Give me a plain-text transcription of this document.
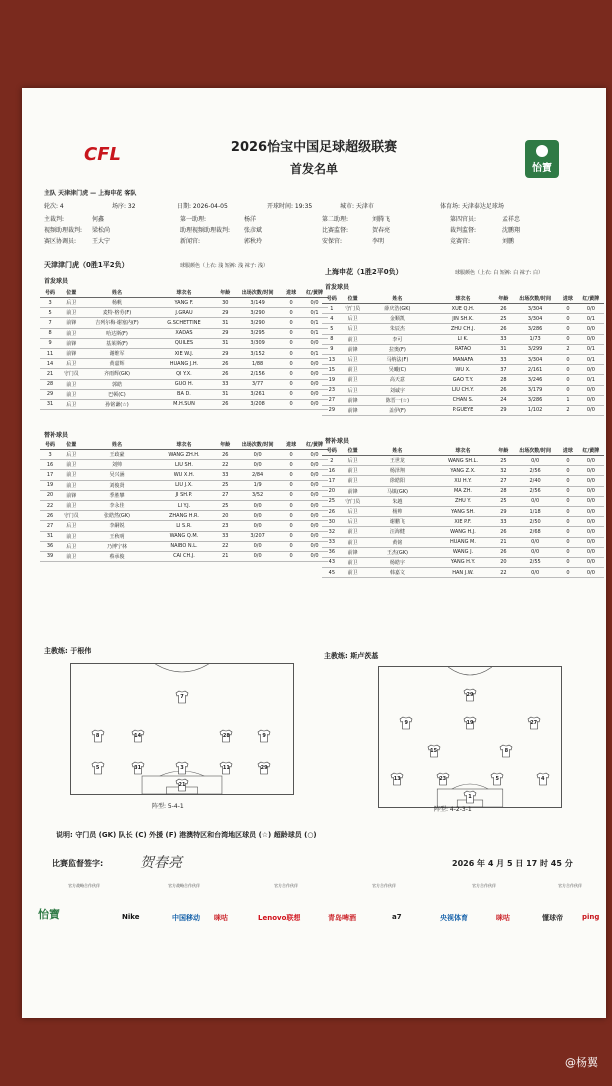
CFL
怡寶
2026怡宝中国足球超级联赛
首发名单
主队 天津津门虎 — 上海申花 客队
轮次: 4	场序: 32	日期: 2026-04-05	开球时间: 19:35	城市: 天津市	体育场: 天津泰达足球场
主裁判:	何鑫	第一助理:	杨洋	第二助理:	刘腾飞	第四官员:	孟祥忠
视频助理裁判: 梁松尚	助理视频助理裁判: 张彦斌	比赛监督:	贺春亮	裁判监督:	沈鹏翔
赛区协调员:	王大宁	新闻官:	郭秋玲	安保官:	李明	竞赛官:	刘鹏
天津津门虎（0胜1平2负）	球服颜色（上衣: 浅 短裤: 浅 袜子: 浅）
上海申花（1胜2平0负）	球服颜色（上衣: 白 短裤: 白 袜子: 白）
首发球员
首发球员
号码	位置	姓名	球衣名	年龄	出场次数/时间	进球	红/黄牌
3	后卫	杨帆	YANG F.	30	3/149	0	0/0
5	前卫	麦特·格劳(F)	J.GRAU	29	3/290	0	0/1
7	前锋	吉列尔梅·谢塞内(F)	G.SCHETTINE	31	3/290	0	0/1
8	前卫	哈达斯(F)	XADAS	29	3/295	0	0/1
9	前锋	基莱斯(F)	QUILES	31	3/309	0	0/0
11	前锋	谢维军	XIE W.J.	29	3/152	0	0/1
14	后卫	黄嘉辉	HUANG J.H.	26	1/88	0	0/0
21	守门员	齐雨辉(GK)	QI Y.X.	26	2/156	0	0/0
28	前卫	郭皓	GUO H.	33	3/77	0	0/0
29	前卫	巴顿(C)	BA D.	31	3/261	0	0/0
31	后卫	孙铭谦(☆)	M.H.SUN	26	3/208	0	0/0
号码	位置	姓名	球衣名	年龄	出场次数/时间	进球	红/黄牌
1	守门员	薛庆浩(GK)	XUE Q.H.	26	3/304	0	0/0
4	后卫	金顺凯	JIN SH.K.	25	3/304	0	0/1
5	后卫	朱辰杰	ZHU CH.J.	26	3/286	0	0/0
8	前卫	李可	LI K.	33	1/73	0	0/0
9	前锋	拉奥(F)	RATAO	31	3/299	2	0/1
13	后卫	马纳法(F)	MANAFA	33	3/304	0	0/1
15	前卫	吴曦(C)	WU X.	37	2/161	0	0/0
19	前卫	高天意	GAO T.Y.	28	3/246	0	0/1
23	后卫	刘诚宇	LIU CH.Y.	26	3/179	0	0/0
27	前锋	陈晋一(☆)	CHAN S.	24	3/286	1	0/0
29	前锋	盖伊(F)	P.GUEYE	29	1/102	2	0/0
替补球员
替补球员
号码	位置	姓名	球衣名	年龄	出场次数/时间	进球	红/黄牌
3	后卫	王政豪	WANG ZH.H.	26	0/0	0	0/0
16	前卫	刘帅	LIU SH.	22	0/0	0	0/0
17	前卫	吴兴涵	WU X.H.	33	2/84	0	0/0
19	前卫	刘俊贤	LIU J.X.	25	1/9	0	0/0
20	前锋	季胜攀	JI SH.P.	27	3/52	0	0/0
22	前卫	李永佳	LI Y.J.	25	0/0	0	0/0
26	守门员	张皓然(GK)	ZHANG H.R.	20	0/0	0	0/0
27	后卫	李嗣锐	LI S.R.	23	0/0	0	0/0
31	前卫	王秋明	WANG Q.M.	33	3/207	0	0/0
36	后卫	乃博宁林	NAIBO N.L.	22	0/0	0	0/0
39	前卫	蔡承俊	CAI CH.J.	21	0/0	0	0/0
号码	位置	姓名	球衣名	年龄	出场次数/时间	进球	红/黄牌
2	后卫	王世龙	WANG SH.L.	25	0/0	0	0/0
16	前卫	杨泽翔	YANG Z.X.	32	2/56	0	0/0
17	前卫	徐皓阳	XU H.Y.	27	2/40	0	0/0
20	前锋	马镇(GK)	MA ZH.	28	2/56	0	0/0
25	守门员	朱越	ZHU Y.	25	0/0	0	0/0
26	后卫	杨帅	YANG SH.	29	1/18	0	0/0
30	后卫	谢鹏飞	XIE P.F.	33	2/50	0	0/0
32	前卫	汪海健	WANG H.J.	26	2/68	0	0/0
33	前卫	黄铭	HUANG M.	21	0/0	0	0/0
36	前锋	王杰(GK)	WANG J.	26	0/0	0	0/0
43	前卫	杨皓宇	YANG H.Y.	20	2/55	0	0/0
45	前卫	韩嘉文	HAN J.W.	22	0/0	0	0/0
主教练: 于根伟
主教练: 斯卢茨基
7
8	14	28	9
5	31	3	11	29
21
29
9	19	27
15	8
13	23	5	4
1
阵型: 5-4-1	阵型: 4-2-3-1
说明: 守门员 (GK) 队长 (C) 外援 (F) 港澳特区和台湾地区球员 (☆) 超龄球员 (○)
比赛监督签字:	贺春亮	2026 年 4 月 5 日 17 时 45 分
官方战略合作伙伴	官方战略合作伙伴	官方合作伙伴	官方合作伙伴	官方合作伙伴	官方合作伙伴
怡寶	Nike	中国移动 咪咕	Lenovo联想	青岛啤酒	a7	央视体育	咪咕	懂球帝	ping
@杨翼
